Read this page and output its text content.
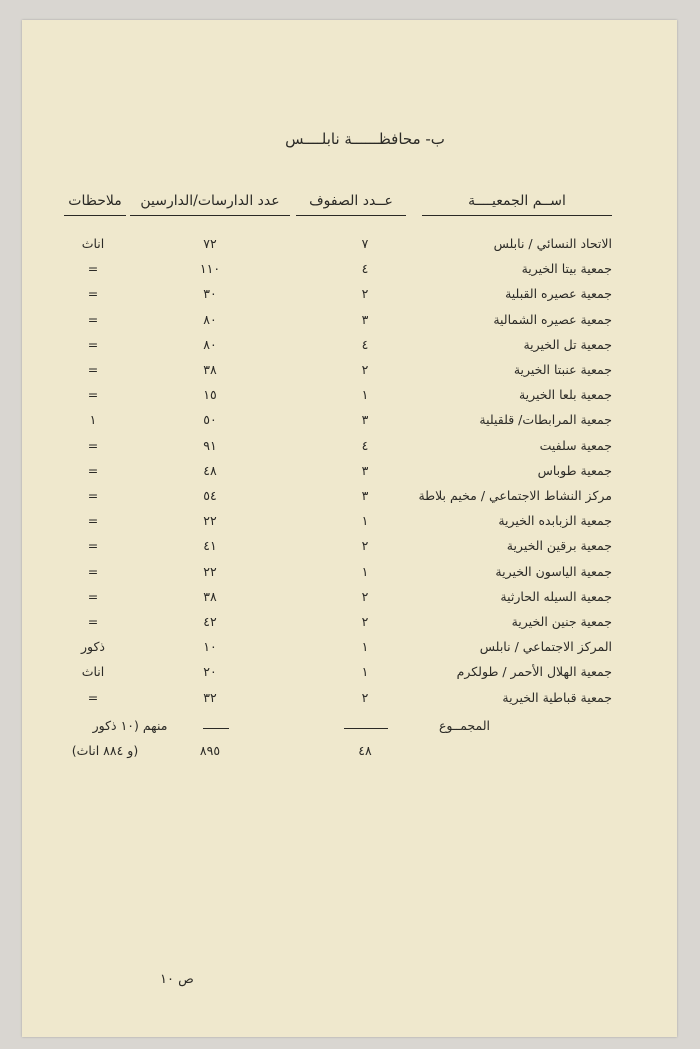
ب- محافظــــــة نابلــــس
اســم الجمعيــــة
عــدد الصفوف
عدد الدارسات/الدارسين
ملاحظات
الاتحاد النسائي / نابلس
٧
٧٢
اناث
جمعية بيتا الخيرية
٤
١١٠
=
جمعية عصيره القبلية
٢
٣٠
=
جمعية عصيره الشمالية
٣
٨٠
=
جمعية تل الخيرية
٤
٨٠
=
جمعية عنبتا الخيرية
٢
٣٨
=
جمعية بلعا الخيرية
١
١٥
=
جمعية المرابطات/ قلقيلية
٣
٥٠
١
جمعية سلفيت
٤
٩١
=
جمعية طوباس
٣
٤٨
=
مركز النشاط الاجتماعي / مخيم بلاطة
٣
٥٤
=
جمعية الزبابده الخيرية
١
٢٢
=
جمعية برقين الخيرية
٢
٤١
=
جمعية الياسون الخيرية
١
٢٢
=
جمعية السيله الحارثية
٢
٣٨
=
جمعية جنين الخيرية
٢
٤٢
=
المركز الاجتماعي / نابلس
١
١٠
ذكور
جمعية الهلال الأحمر / طولكرم
١
٢٠
اناث
جمعية قباطية الخيرية
٢
٣٢
=
المجمــوع
منهم (١٠ ذكور
٤٨
٨٩٥
(و ٨٨٤ اناث)
ص ١٠
